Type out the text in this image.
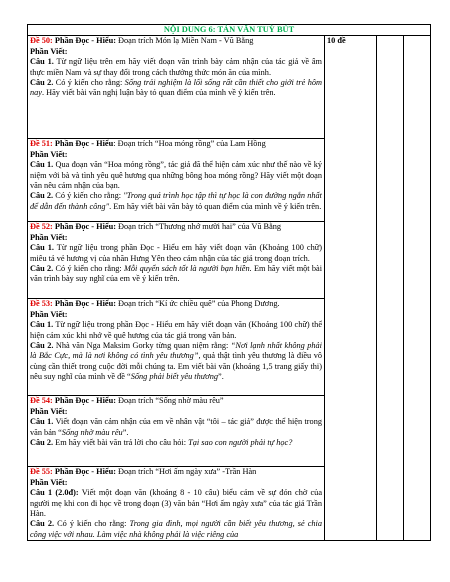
NỘI DUNG 6: TẢN VĂN TUỲ BÚT

Đề 50: Phần Đọc - Hiểu: Đoạn trích Món lạ Miền Nam - Vũ Bằng

Phần Viết:

Câu 1. Từ ngữ liệu trên em hãy viết đoạn văn trình bày cảm nhận của tác giả về âm thực miền Nam và sự thay đổi trong cách thưởng thức món ăn của mình.

Câu 2. Có ý kiến cho rằng: Sống trải nghiệm là lối sống rất cần thiết cho giới trẻ hôm nay. Hãy viết bài văn nghị luận bày tỏ quan điểm của mình về ý kiến trên.

	10 đề		

Đề 51: Phần Đọc - Hiểu: Đoạn trích “Hoa móng rồng” của Lam Hồng

Phần Viết:

Câu 1. Qua đoạn văn “Hoa móng rồng”, tác giả đã thể hiện cảm xúc như thế nào về ký niệm với bà và tình yêu quê hương qua những bông hoa móng rồng? Hãy viết một đoạn văn nêu cảm nhận của bạn.

Câu 2. Có ý kiến cho rằng: "Trong quá trình học tập thì tự học là con đường ngắn nhất để dẫn đến thành công". Em hãy viết bài văn bày tỏ quan điểm của mình về ý kiến trên.

Đề 52: Phần Đọc - Hiểu: Đoạn trích “Thương nhớ mười hai” của Vũ Bằng

Phần Viết:

Câu 1. Từ ngữ liệu trong phần Đọc - Hiểu em hãy viết đoạn văn (Khoảng 100 chữ) miêu tả vẻ hương vị của nhãn Hưng Yên theo cảm nhận của tác giả trong đoạn trích.

Câu 2. Có ý kiến cho rằng: Mỗi quyển sách tốt là người bạn hiền. Em hãy viết một bài văn trình bày suy nghĩ của em về ý kiến trên.

Đề 53: Phần Đọc - Hiểu: Đoạn trích “Kí ức chiều quê” của Phong Dương.

Phần Viết:

Câu 1. Từ ngữ liệu trong phần Đọc - Hiểu em hãy viết đoạn văn (Khoảng 100 chữ) thể hiện cảm xúc khi nhớ về quê hương của tác giả trong văn bản.

Câu 2. Nhà văn Nga Maksim Gorky từng quan niệm rằng: “Nơi lạnh nhất không phải là Bắc Cực, mà là nơi không có tình yêu thương”, quả thật tình yêu thương là điều vô cùng cần thiết trong cuộc đời mỗi chúng ta. Em viết bài văn (khoảng 1,5 trang giấy thi) nêu suy nghĩ của mình về đề “Sống phải biết yêu thương”.

Đề 54: Phần Đọc - Hiểu: Đoạn trích “Sống nhờ màu rêu”

Phần Viết:

Câu 1. Viết đoạn văn cảm nhận của em về nhân vật “tôi – tác giả” được thể hiện trong văn bản “Sống nhờ màu rêu”.

Câu 2. Em hãy viết bài văn trả lời cho câu hỏi: Tại sao con người phải tự học?

Đề 55: Phần Đọc - Hiểu: Đoạn trích “Hơi ấm ngày xưa” -Trần Hàn

Phần Viết:

Câu 1 (2.0đ): Viết một đoạn văn (khoảng 8 - 10 câu) biểu cảm về sự đón chờ của người mẹ khi con đi học về trong đoạn (3) văn bản “Hơi ấm ngày xưa” của tác giả Trần Hàn.

Câu 2. Có ý kiến cho rằng: Trong gia đình, mọi người cần biết yêu thương, sẻ chia công việc với nhau. Làm việc nhà không phải là việc riêng của
